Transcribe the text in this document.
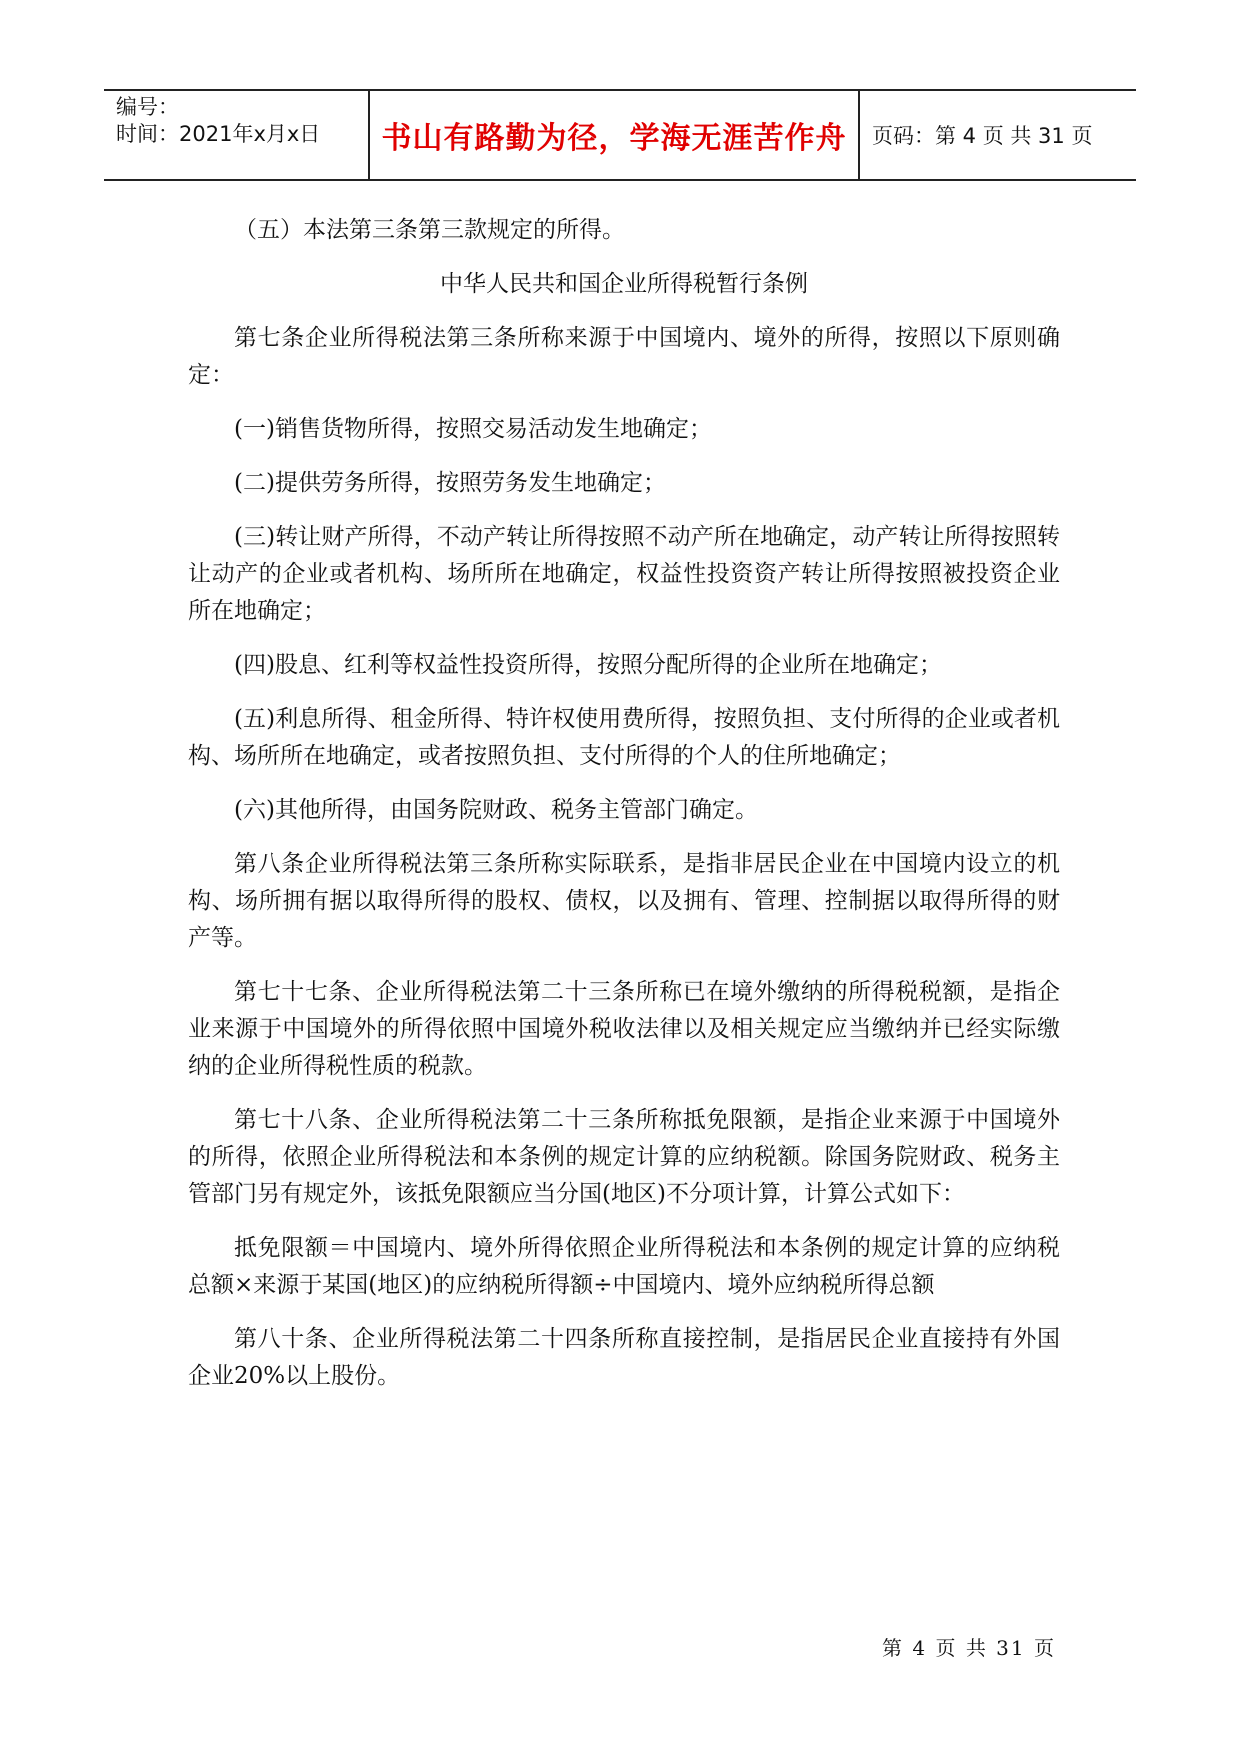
编号：
时间：2021年x月x日	书山有路勤为径，学海无涯苦作舟	页码：第 4 页 共 31 页

（五）本法第三条第三款规定的所得。

中华人民共和国企业所得税暂行条例

第七条企业所得税法第三条所称来源于中国境内、境外的所得，按照以下原则确定：

(一)销售货物所得，按照交易活动发生地确定；

(二)提供劳务所得，按照劳务发生地确定；

(三)转让财产所得，不动产转让所得按照不动产所在地确定，动产转让所得按照转让动产的企业或者机构、场所所在地确定，权益性投资资产转让所得按照被投资企业所在地确定；

(四)股息、红利等权益性投资所得，按照分配所得的企业所在地确定；

(五)利息所得、租金所得、特许权使用费所得，按照负担、支付所得的企业或者机构、场所所在地确定，或者按照负担、支付所得的个人的住所地确定；

(六)其他所得，由国务院财政、税务主管部门确定。

第八条企业所得税法第三条所称实际联系，是指非居民企业在中国境内设立的机构、场所拥有据以取得所得的股权、债权，以及拥有、管理、控制据以取得所得的财产等。

第七十七条、企业所得税法第二十三条所称已在境外缴纳的所得税税额，是指企业来源于中国境外的所得依照中国境外税收法律以及相关规定应当缴纳并已经实际缴纳的企业所得税性质的税款。

第七十八条、企业所得税法第二十三条所称抵免限额，是指企业来源于中国境外的所得，依照企业所得税法和本条例的规定计算的应纳税额。除国务院财政、税务主管部门另有规定外，该抵免限额应当分国(地区)不分项计算，计算公式如下：

抵免限额＝中国境内、境外所得依照企业所得税法和本条例的规定计算的应纳税总额×来源于某国(地区)的应纳税所得额÷中国境内、境外应纳税所得总额

第八十条、企业所得税法第二十四条所称直接控制，是指居民企业直接持有外国企业20%以上股份。

第 4 页 共 31 页
